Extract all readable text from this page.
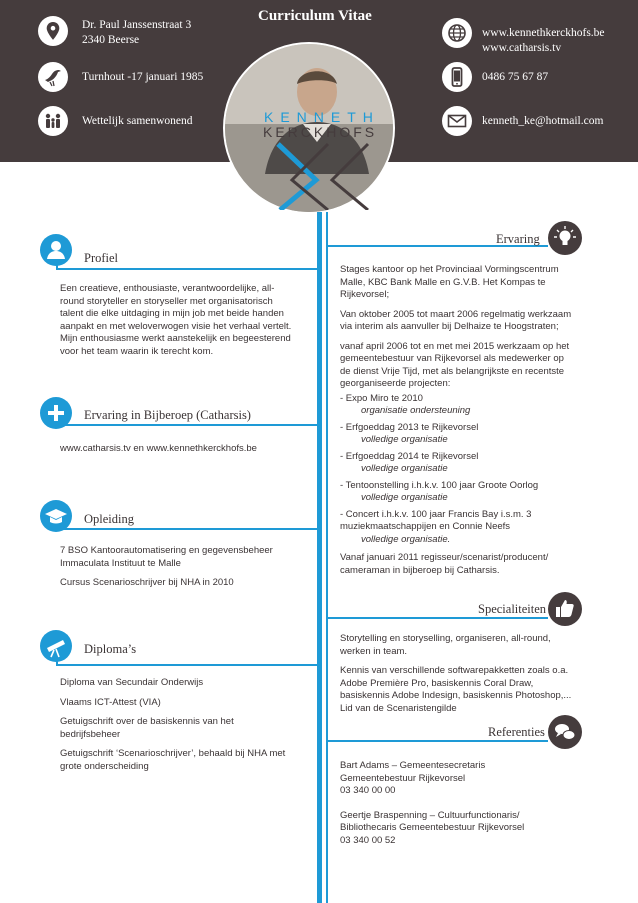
Dr. Paul Janssenstraat 3
2340 Beerse
Turnhout -17 januari 1985
Wettelijk samenwonend
Curriculum Vitae
www.kennethkerckhofs.be
www.catharsis.tv
0486 75 67 87
kenneth_ke@hotmail.com
KENNETH
KERCKHOFS
Profiel
Een creatieve, enthousiaste, verantwoordelijke, all-round storyteller en storyseller met organisatorisch talent die elke uitdaging in mijn job met beide handen aanpakt en met weloverwogen visie het verhaal vertelt. Mijn enthousiasme werkt aanstekelijk en begeesterend voor het team waarin ik terecht kom.
Ervaring in Bijberoep (Catharsis)
www.catharsis.tv en www.kennethkerckhofs.be
Opleiding

7 BSO Kantoorautomatisering en gegevensbeheer Immaculata Instituut te Malle

Cursus Scenarioschrijver bij NHA in 2010

Diploma’s

Diploma van Secundair Onderwijs

Vlaams ICT-Attest (VIA)

Getuigschrift over de basiskennis van het bedrijfsbeheer

Getuigschrift ‘Scenarioschrijver’, behaald bij NHA met grote onderscheiding

Ervaring

Stages kantoor op het Provinciaal Vormingscentrum Malle, KBC Bank Malle en G.V.B. Het Kompas te Rijkevorsel;

Van oktober 2005 tot maart 2006 regelmatig werkzaam via interim als aanvuller bij Delhaize te Hoogstraten;

vanaf april 2006 tot en met mei 2015 werkzaam op het gemeentebestuur van Rijkevorsel als medewerker op de dienst Vrije Tijd, met als belangrijkste en recentste georganiseerde projecten:

- Expo Miro te 2010
organisatie ondersteuning
- Erfgoeddag 2013 te Rijkevorsel
volledige organisatie
- Erfgoeddag 2014 te Rijkevorsel
volledige organisatie
- Tentoonstelling i.h.k.v. 100 jaar Groote Oorlog
volledige organisatie
- Concert i.h.k.v. 100 jaar Francis Bay i.s.m. 3 muziekmaatschappijen en Connie Neefs
volledige organisatie.

Vanaf januari 2011 regisseur/scenarist/producent/ cameraman in bijberoep bij Catharsis.

Specialiteiten

Storytelling en storyselling, organiseren, all-round, werken in team.

Kennis van verschillende softwarepakketten zoals o.a. Adobe Première Pro, basiskennis Coral Draw, basiskennis Adobe Indesign, basiskennis Photoshop,...

Lid van de Scenaristengilde

Referenties
Bart Adams – Gemeentesecretaris
Gemeentebestuur Rijkevorsel
03 340 00 00
Geertje Braspenning – Cultuurfunctionaris/
Bibliothecaris Gemeentebestuur Rijkevorsel
03 340 00 52
